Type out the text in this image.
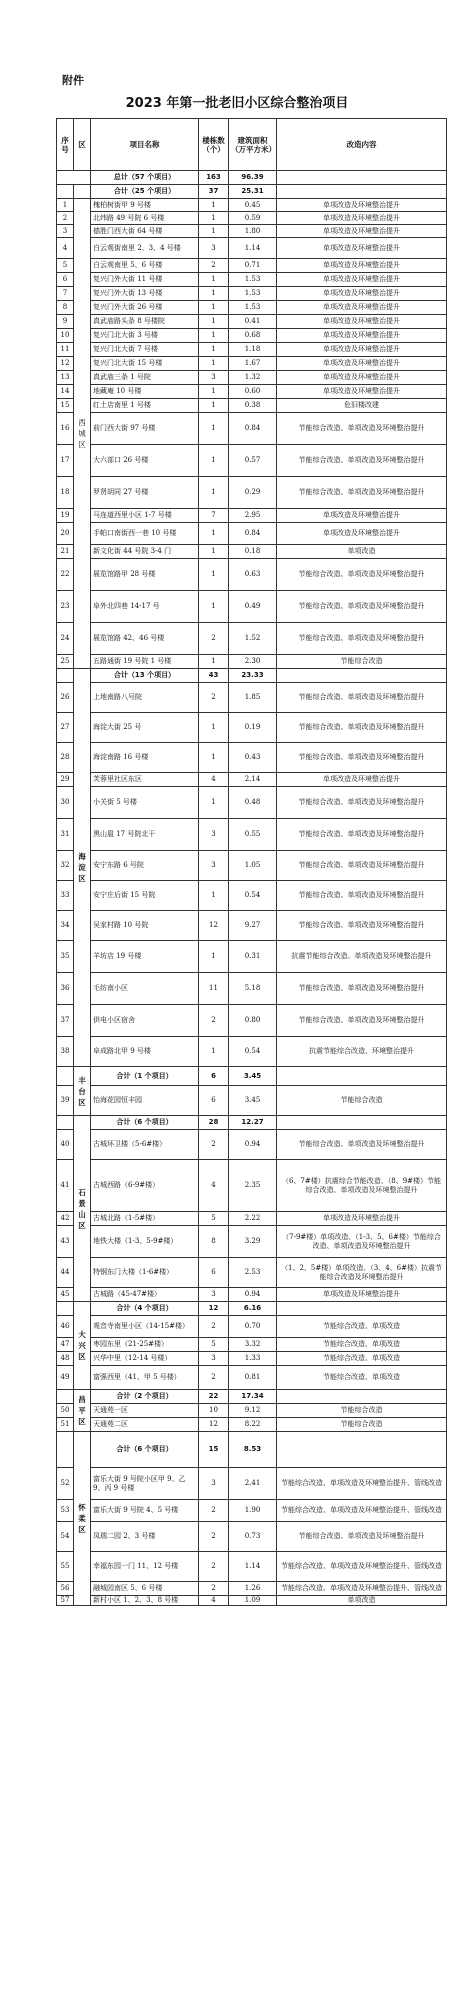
附件
2023 年第一批老旧小区综合整治项目
序号	区	项目名称	楼栋数（个）	建筑面积（万平方米）	改造内容
		总计（57 个项目）	163	96.39	
		合计（25 个项目）	37	25.31	
1	西城区	槐柏树街甲 9 号楼	1	0.45	单项改造及环境整治提升
2		北纬路 49 号院 6 号楼	1	0.59	单项改造及环境整治提升
3		德胜门西大街 64 号楼	1	1.80	单项改造及环境整治提升
4		白云观街南里 2、3、4 号楼	3	1.14	单项改造及环境整治提升
5		白云观南里 5、6 号楼	2	0.71	单项改造及环境整治提升
6		复兴门外大街 11 号楼	1	1.53	单项改造及环境整治提升
7		复兴门外大街 13 号楼	1	1.53	单项改造及环境整治提升
8		复兴门外大街 26 号楼	1	1.53	单项改造及环境整治提升
9		真武庙路头条 8 号楼院	1	0.41	单项改造及环境整治提升
10		复兴门北大街 3 号楼	1	0.68	单项改造及环境整治提升
11		复兴门北大街 7 号楼	1	1.18	单项改造及环境整治提升
12		复兴门北大街 15 号楼	1	1.67	单项改造及环境整治提升
13		真武庙三条 1 号院	3	1.32	单项改造及环境整治提升
14		地藏庵 10 号楼	1	0.60	单项改造及环境整治提升
15		红土店南里 1 号楼	1	0.38	危旧楼改建
16		前门西大街 97 号楼	1	0.84	节能综合改造、单项改造及环境整治提升
17		大六部口 26 号楼	1	0.57	节能综合改造、单项改造及环境整治提升
18		罗贤胡同 27 号楼	1	0.29	节能综合改造、单项改造及环境整治提升
19		马连道西里小区 1-7 号楼	7	2.95	单项改造及环境整治提升
20		手帕口南街西一巷 10 号楼	1	0.84	单项改造及环境整治提升
21		新文化街 44 号院 3-4 门	1	0.18	单项改造
22		展览馆路甲 28 号楼	1	0.63	节能综合改造、单项改造及环境整治提升
23		阜外北四巷 14-17 号	1	0.49	节能综合改造、单项改造及环境整治提升
24		展览馆路 42、46 号楼	2	1.52	节能综合改造、单项改造及环境整治提升
25		五路通街 19 号院 1 号楼	1	2.30	节能综合改造
	海淀区	合计（13 个项目）	43	23.33	
26		上地南路八号院	2	1.85	节能综合改造、单项改造及环境整治提升
27		海淀大街 25 号	1	0.19	节能综合改造、单项改造及环境整治提升
28		海淀南路 16 号楼	1	0.43	节能综合改造、单项改造及环境整治提升
29		芙蓉里社区东区	4	2.14	单项改造及环境整治提升
30		小关街 5 号楼	1	0.48	节能综合改造、单项改造及环境整治提升
31		黑山扈 17 号院北干	3	0.55	节能综合改造、单项改造及环境整治提升
32		安宁东路 6 号院	3	1.05	节能综合改造、单项改造及环境整治提升
33		安宁庄后街 15 号院	1	0.54	节能综合改造、单项改造及环境整治提升
34		吴家村路 10 号院	12	9.27	节能综合改造、单项改造及环境整治提升
35		羊坊店 19 号楼	1	0.31	抗震节能综合改造、单项改造及环境整治提升
36		毛纺南小区	11	5.18	节能综合改造、单项改造及环境整治提升
37		供电小区宿舍	2	0.80	节能综合改造、单项改造及环境整治提升
38		阜成路北甲 9 号楼	1	0.54	抗震节能综合改造、环境整治提升
	丰台区	合计（1 个项目）	6	3.45	
39		怡海花园恒丰园	6	3.45	节能综合改造
	石景山区	合计（6 个项目）	28	12.27	
40		古城环卫楼（5-6#楼）	2	0.94	节能综合改造、单项改造及环境整治提升
41		古城西路（6-9#楼）	4	2.35	（6、7#楼）抗震综合节能改造、（8、9#楼）节能综合改造、单项改造及环境整治提升
42		古城北路（1-5#楼）	5	2.22	单项改造及环境整治提升
43		地铁大楼（1-3、5-9#楼）	8	3.29	（7-9#楼）单项改造、（1-3、5、6#楼）节能综合改造、单项改造及环境整治提升
44		特钢东门大楼（1-6#楼）	6	2.53	（1、2、5#楼）单项改造、（3、4、6#楼）抗震节能综合改造及环境整治提升
45		古城路（45-47#楼）	3	0.94	单项改造及环境整治提升
	大兴区	合计（4 个项目）	12	6.16	
46		观音寺南里小区（14-15#楼）	2	0.70	节能综合改造、单项改造
47		枣园东里（21-25#楼）	5	3.32	节能综合改造、单项改造
48		兴华中里（12-14 号楼）	3	1.33	节能综合改造、单项改造
49		富强西里（41、甲 5 号楼）	2	0.81	节能综合改造、单项改造
	昌平区	合计（2 个项目）	22	17.34	
50		天通苑一区	10	9.12	节能综合改造
51		天通苑二区	12	8.22	节能综合改造
	怀柔区	合计（6 个项目）	15	8.53	
52		富乐大街 9 号院小区甲 9、乙 9、丙 9 号楼	3	2.41	节能综合改造、单项改造及环境整治提升、管线改造
53		富乐大街 9 号院 4、5 号楼	2	1.90	节能综合改造、单项改造及环境整治提升、管线改造
54		凤瑞二园 2、3 号楼	2	0.73	节能综合改造、单项改造及环境整治提升
55		幸福东园一门 11、12 号楼	2	1.14	节能综合改造、单项改造及环境整治提升、管线改造
56		融城园南区 5、6 号楼	2	1.26	节能综合改造、单项改造及环境整治提升、管线改造
57		新村小区 1、2、3、8 号楼	4	1.09	单项改造
